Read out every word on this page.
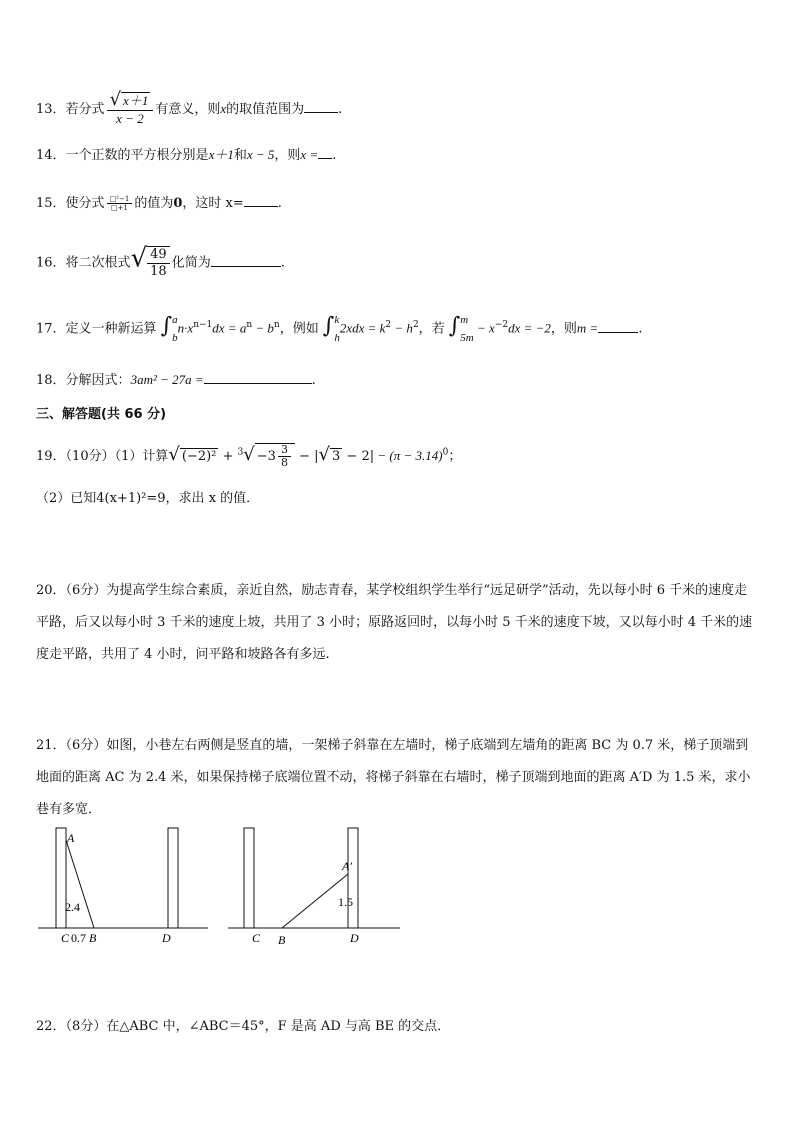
13．若分式 $\frac{√ x+1}{x - 2}$ 有意义，则x的取值范围为	.
14．一个正数的平方根分别是x＋1和x − 5，则x = .
15．使分式 $\frac{\text{□²−1}}{□+1}$ 的值为0，这时 x=	.
16．将二次根式√ $\frac{49}{18}$ 化简为	.
17．定义一种新运算 ∫ a
b
$n\cdot x^{n-1}dx = a^n - b^n$，例如 ∫ k
h
$2xdx = k^2 - h^2$，若 ∫ m
5m
− $x^{-2}dx = -2$，则m =	.
18．分解因式：3am² − 27a =	.
三、解答题(共 66 分)
19．（10分）（1）计算√ $(-2)^2 + ^3√ -3 \frac{3}{8}$ − |√ $3 - 2| - (\pi - 3.14)^0$；
（2）已知4(x+1)²=9，求出 x 的值．
20．（6分）为提高学生综合素质，亲近自然，励志青春，某学校组织学生举行“远足研学”活动，先以每小时 6 千米的速度走平路，后又以每小时 3 千米的速度上坡，共用了 3 小时；原路返回时，以每小时 5 千米的速度下坡，又以每小时 4 千米的速度走平路，共用了 4 小时，问平路和坡路各有多远.
21．（6分）如图，小巷左右两侧是竖直的墙，一架梯子斜靠在左墙时，梯子底端到左墙角的距离 BC 为 0.7 米，梯子顶端到地面的距离 AC 为 2.4 米，如果保持梯子底端位置不动，将梯子斜靠在右墙时，梯子顶端到地面的距离 A′D 为 1.5 米，求小巷有多宽．
A
2.4
C 0.7 B	D
A′
1.5
C B	D
22．（8分）在△ABC 中，∠ABC＝45°，F 是高 AD 与高 BE 的交点．
